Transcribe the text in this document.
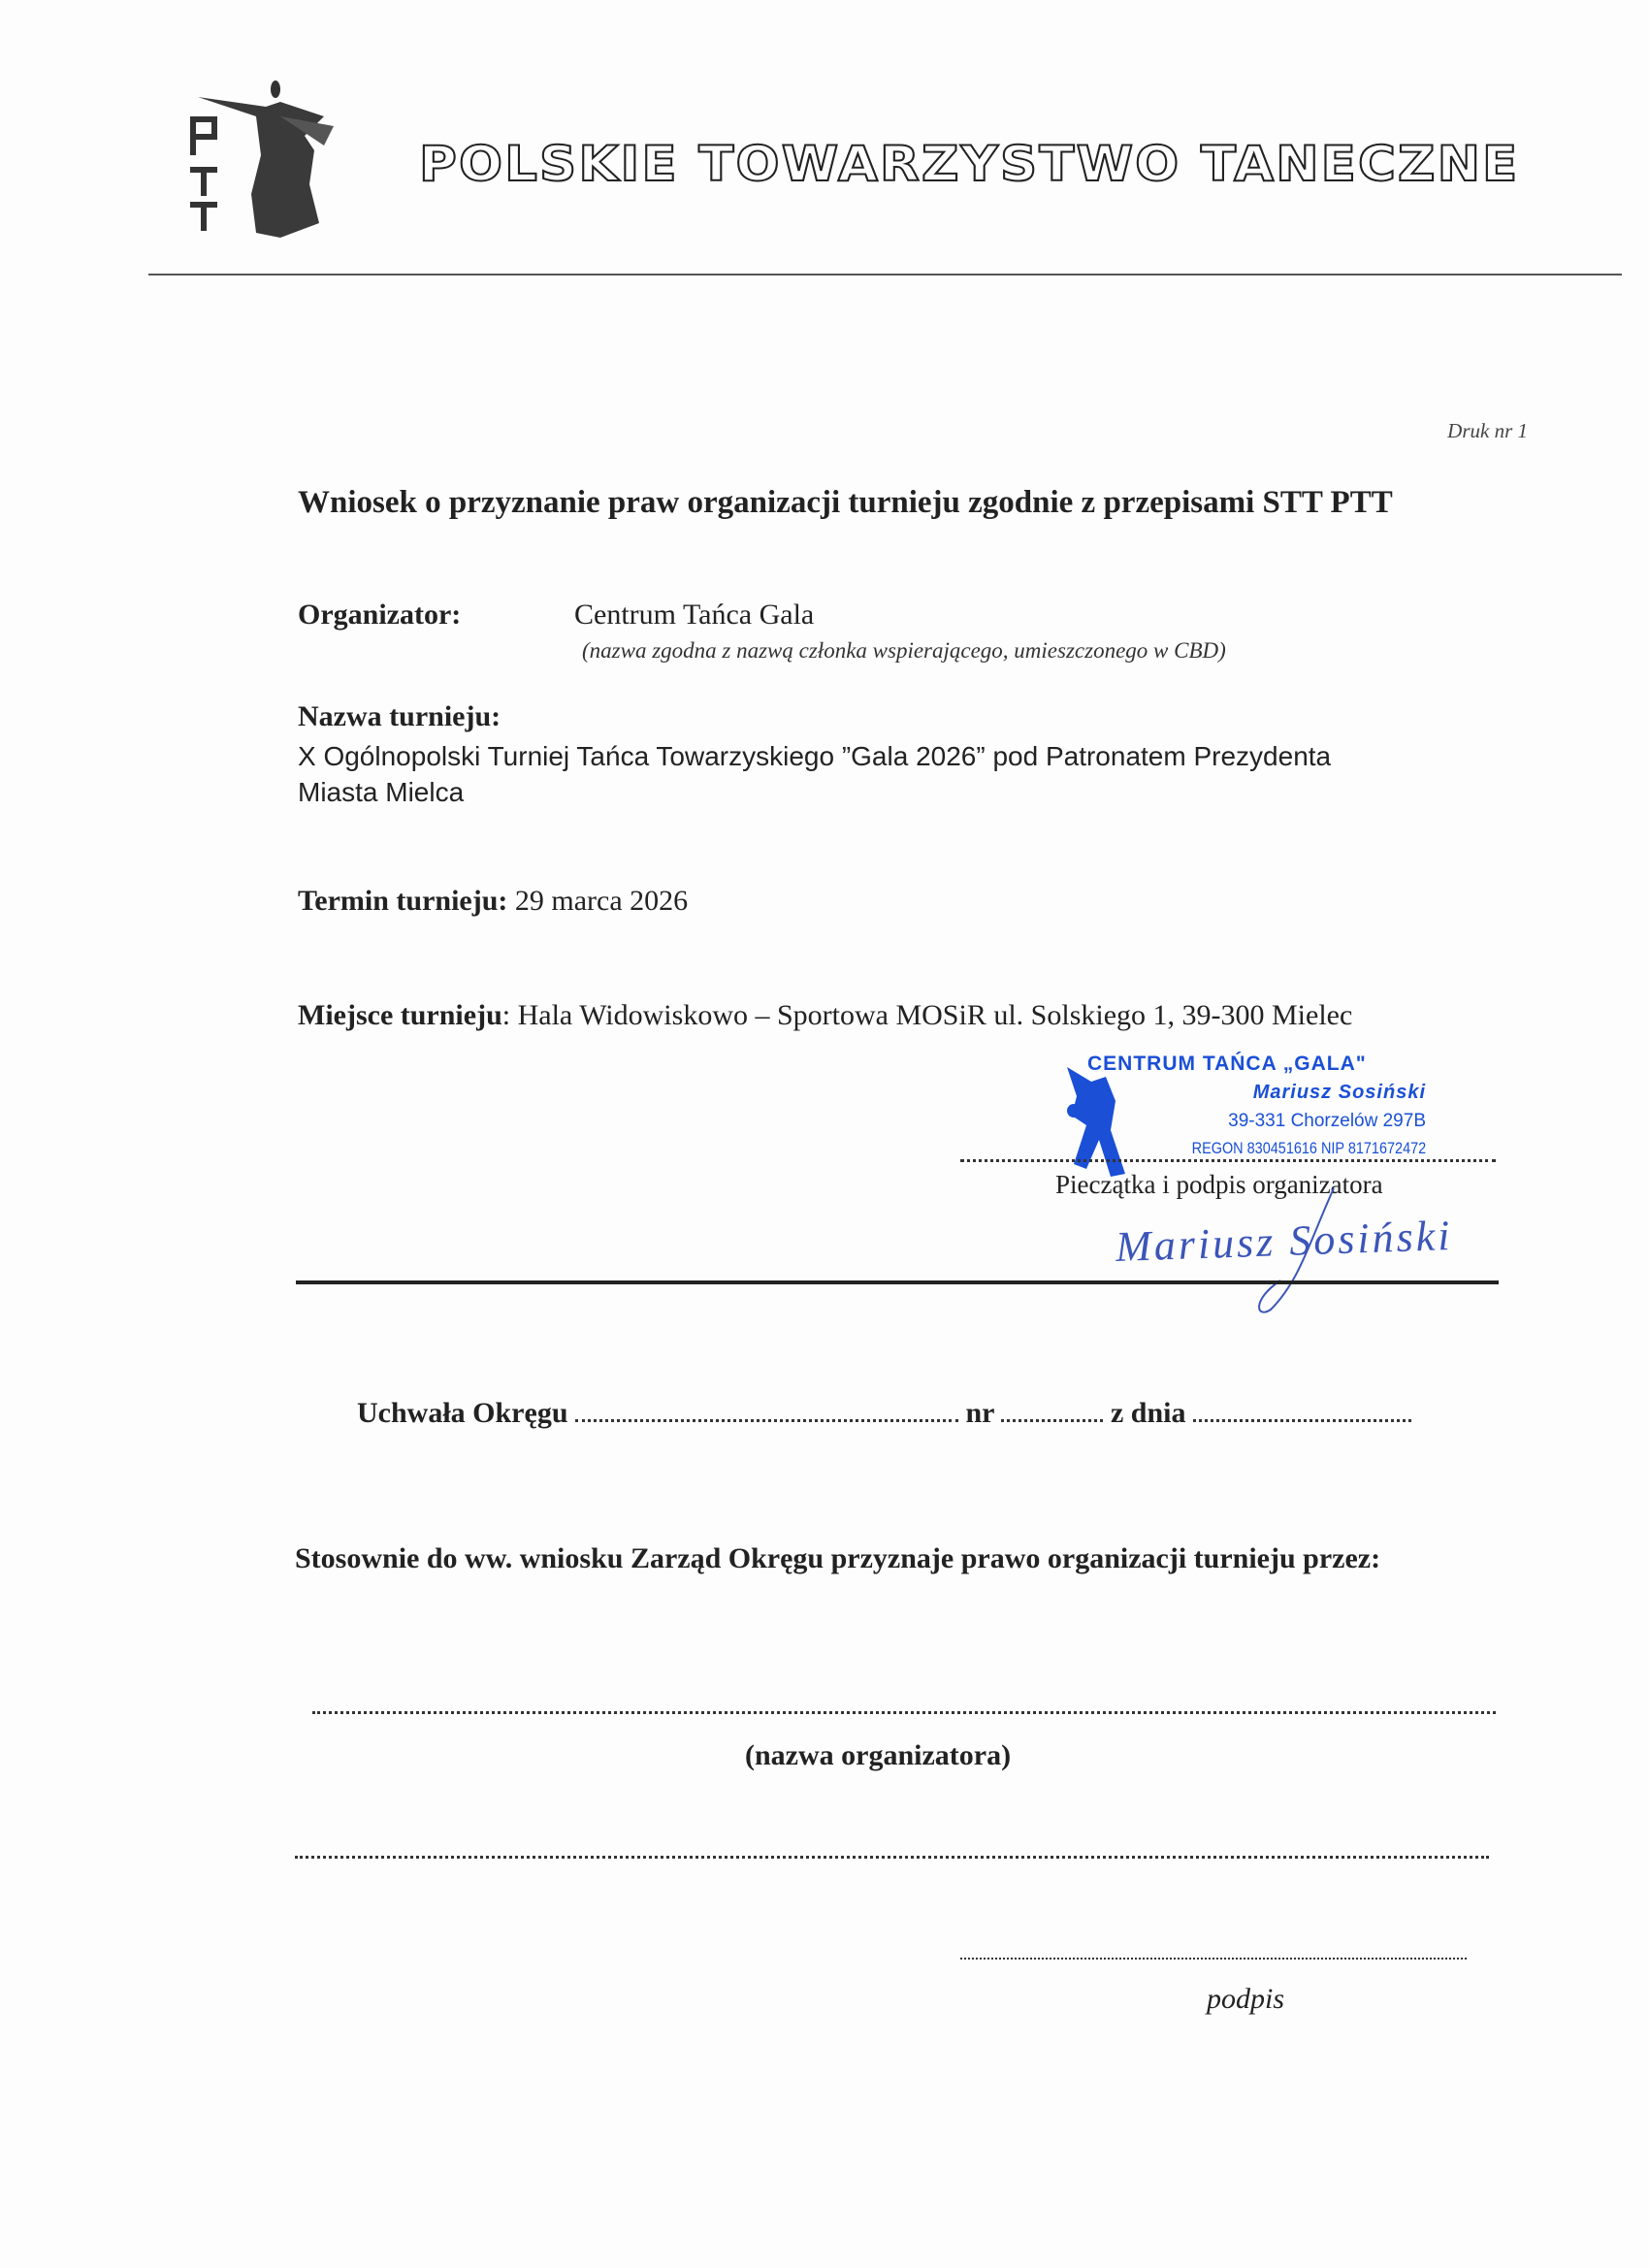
POLSKIE TOWARZYSTWO TANECZNE
Druk nr 1
Wniosek o przyznanie praw organizacji turnieju zgodnie z przepisami STT PTT
Organizator:	Centrum Tańca Gala
(nazwa zgodna z nazwą członka wspierającego, umieszczonego w CBD)
Nazwa turnieju:
X Ogólnopolski Turniej Tańca Towarzyskiego ”Gala 2026” pod Patronatem Prezydenta
Miasta Mielca
Termin turnieju: 29 marca 2026
Miejsce turnieju: Hala Widowiskowo – Sportowa MOSiR ul. Solskiego 1, 39-300 Mielec
CENTRUM TAŃCA „GALA"
Mariusz Sosiński
39-331 Chorzelów 297B
REGON 830451616 NIP 8171672472
Pieczątka i podpis organizatora
Mariusz Sosiński
Uchwała Okręgu	nr	z dnia
Stosownie do ww. wniosku Zarząd Okręgu przyznaje prawo organizacji turnieju przez:
(nazwa organizatora)
podpis
